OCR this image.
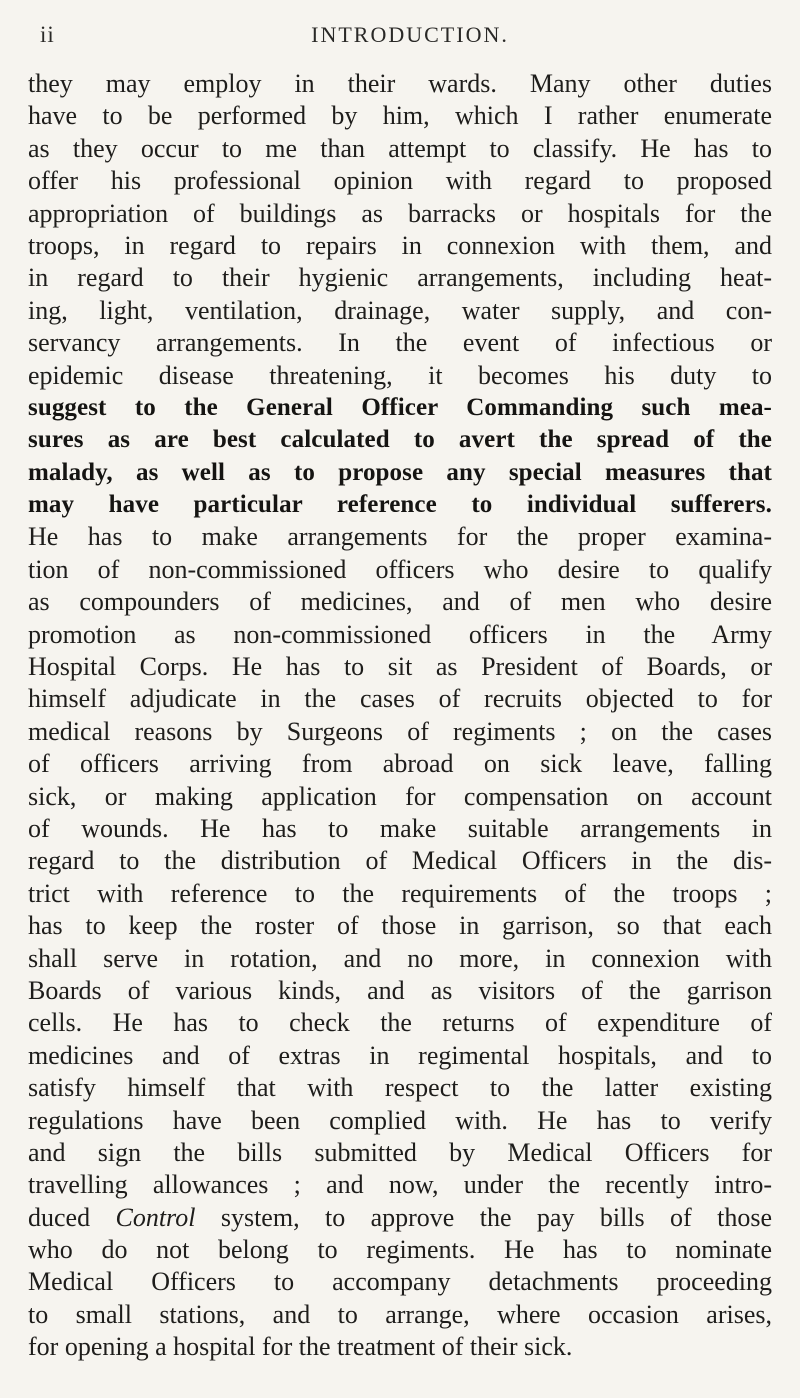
ii	INTRODUCTION.
they may employ in their wards. Many other duties
have to be performed by him, which I rather enumerate
as they occur to me than attempt to classify. He has to
offer his professional opinion with regard to proposed
appropriation of buildings as barracks or hospitals for the
troops, in regard to repairs in connexion with them, and
in regard to their hygienic arrangements, including heat-
ing, light, ventilation, drainage, water supply, and con-
servancy arrangements. In the event of infectious or
epidemic disease threatening, it becomes his duty to
suggest to the General Officer Commanding such mea-
sures as are best calculated to avert the spread of the
malady, as well as to propose any special measures that
may have particular reference to individual sufferers.
He has to make arrangements for the proper examina-
tion of non-commissioned officers who desire to qualify
as compounders of medicines, and of men who desire
promotion as non-commissioned officers in the Army
Hospital Corps. He has to sit as President of Boards, or
himself adjudicate in the cases of recruits objected to for
medical reasons by Surgeons of regiments ; on the cases
of officers arriving from abroad on sick leave, falling
sick, or making application for compensation on account
of wounds. He has to make suitable arrangements in
regard to the distribution of Medical Officers in the dis-
trict with reference to the requirements of the troops ;
has to keep the roster of those in garrison, so that each
shall serve in rotation, and no more, in connexion with
Boards of various kinds, and as visitors of the garrison
cells. He has to check the returns of expenditure of
medicines and of extras in regimental hospitals, and to
satisfy himself that with respect to the latter existing
regulations have been complied with. He has to verify
and sign the bills submitted by Medical Officers for
travelling allowances ; and now, under the recently intro-
duced Control system, to approve the pay bills of those
who do not belong to regiments. He has to nominate
Medical Officers to accompany detachments proceeding
to small stations, and to arrange, where occasion arises,
for opening a hospital for the treatment of their sick.
